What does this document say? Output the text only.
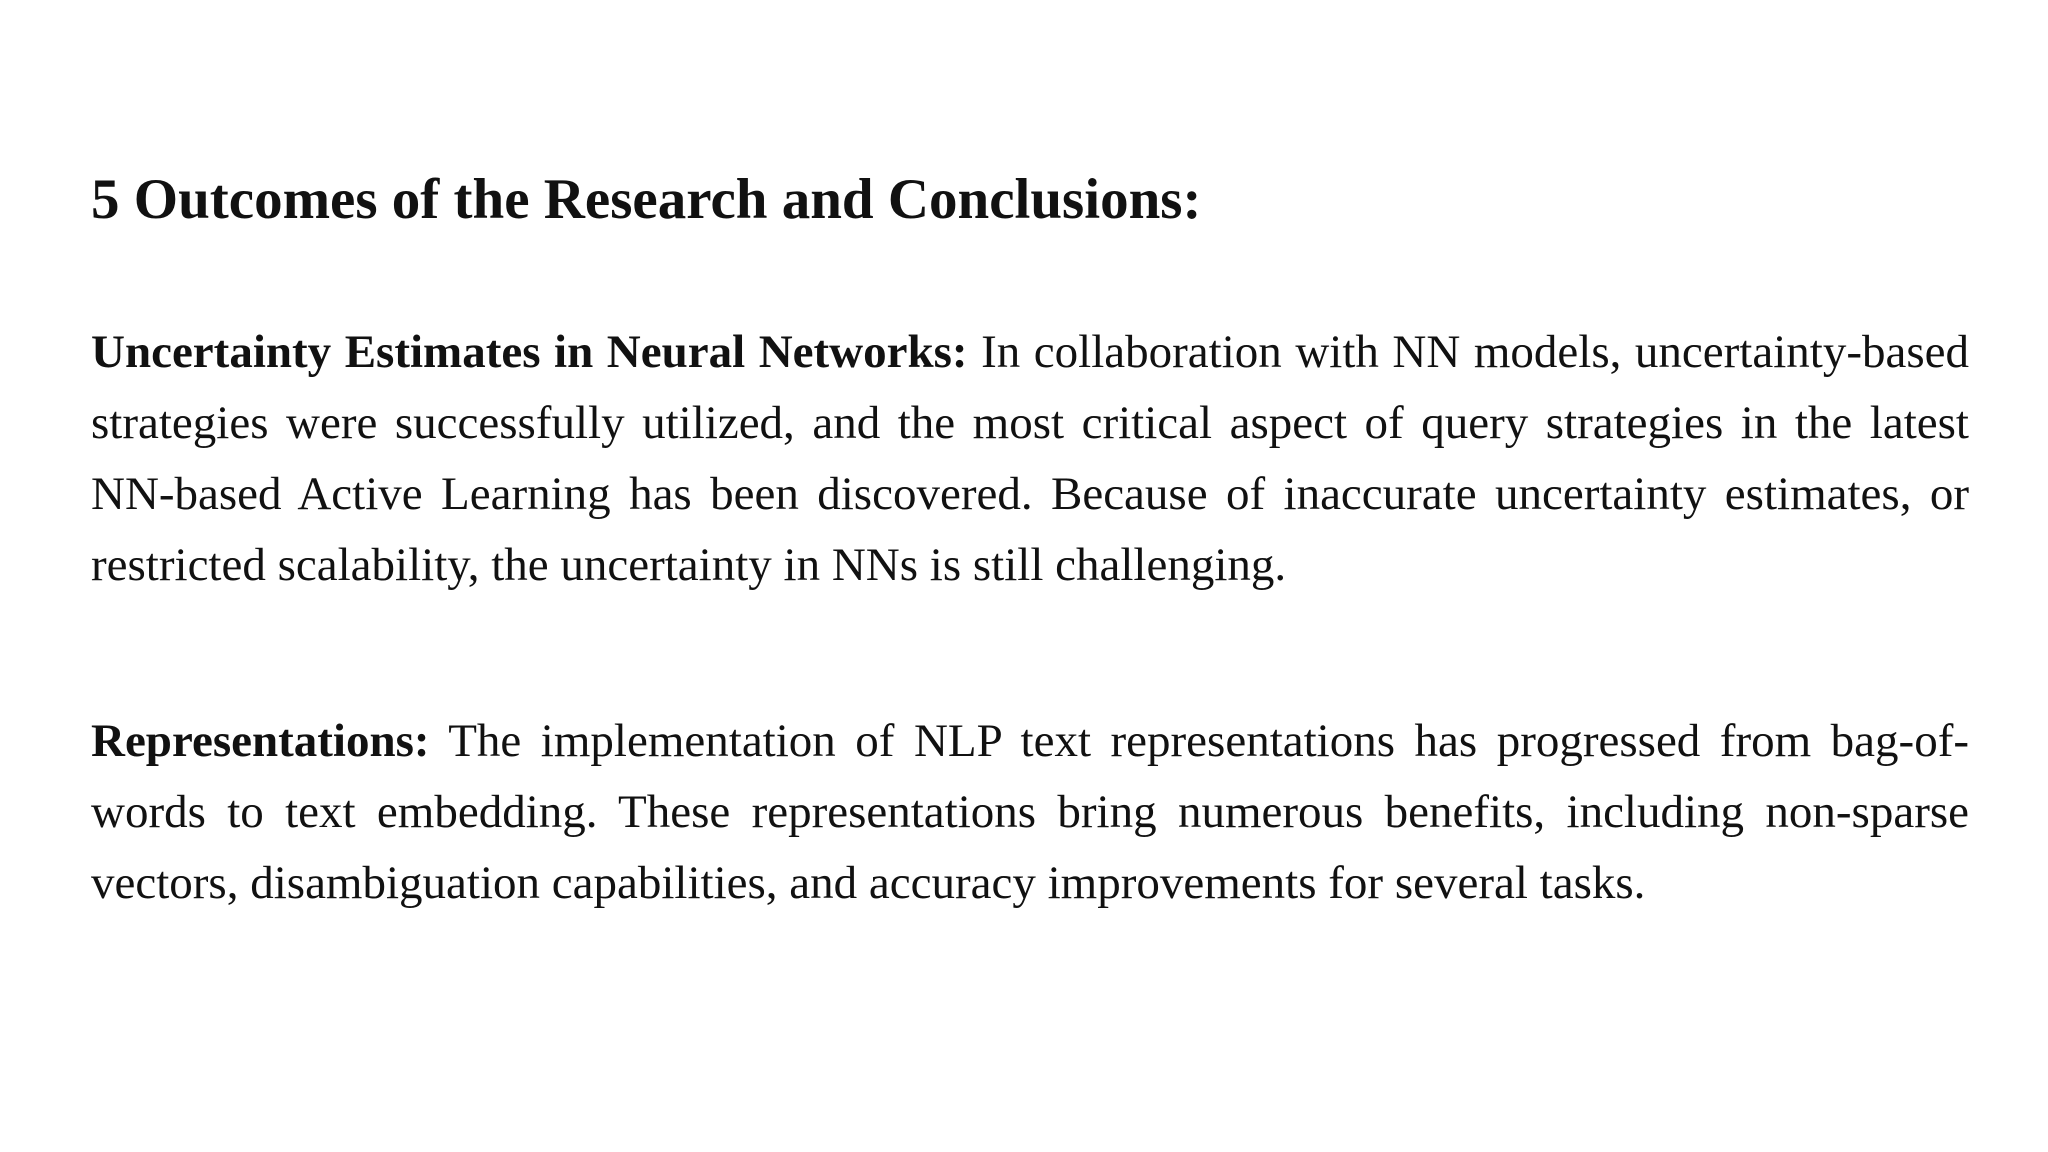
5 Outcomes of the Research and Conclusions:

Uncertainty Estimates in Neural Networks: In collaboration with NN models, uncertainty-based strategies were successfully utilized, and the most critical aspect of query strategies in the latest NN-based Active Learning has been discovered. Because of inaccurate uncertainty estimates, or restricted scalability, the uncertainty in NNs is still challenging.

Representations: The implementation of NLP text representations has progressed from bag-of-words to text embedding. These representations bring numerous benefits, including non-sparse vectors, disambiguation capabilities, and accuracy improvements for several tasks.
